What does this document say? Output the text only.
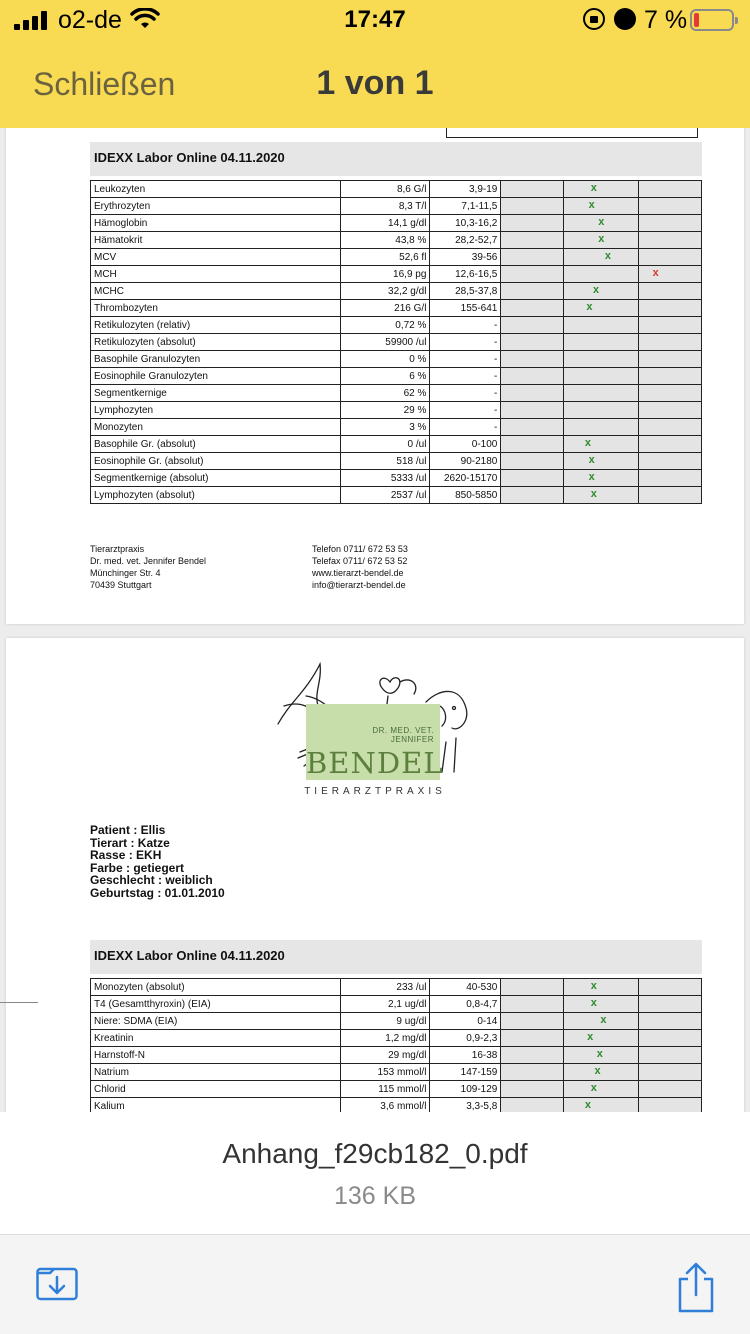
o2-de	17:47	7 %
Schließen	1 von 1
IDEXX Labor Online 04.11.2020
Leukozyten	8,6 G/l	3,9-19		x	

Erythrozyten	8,3 T/l	7,1-11,5		x	

Hämoglobin	14,1 g/dl	10,3-16,2		x	

Hämatokrit	43,8 %	28,2-52,7		x	

MCV	52,6 fl	39-56		x	

MCH	16,9 pg	12,6-16,5			x

MCHC	32,2 g/dl	28,5-37,8		x	

Thrombozyten	216 G/l	155-641		x	

Retikulozyten (relativ)	0,72 %	-			
Retikulozyten (absolut)	59900 /ul	-			
Basophile Granulozyten	0 %	-			
Eosinophile Granulozyten	6 %	-			
Segmentkernige	62 %	-			
Lymphozyten	29 %	-			
Monozyten	3 %	-			
Basophile Gr. (absolut)	0 /ul	0-100		x	

Eosinophile Gr. (absolut)	518 /ul	90-2180		x	

Segmentkernige (absolut)	5333 /ul	2620-15170		x	

Lymphozyten (absolut)	2537 /ul	850-5850		x	

Tierarztpraxis
Dr. med. vet. Jennifer Bendel
Münchinger Str. 4
70439 Stuttgart
Telefon 0711/ 672 53 53
Telefax 0711/ 672 53 52
www.tierarzt-bendel.de
info@tierarzt-bendel.de
DR. MED. VET.
JENNIFER
BENDEL
TIERARZTPRAXIS
Patient : Ellis
Tierart : Katze
Rasse : EKH
Farbe : getiegert
Geschlecht : weiblich
Geburtstag : 01.01.2010
IDEXX Labor Online 04.11.2020
Monozyten (absolut)	233 /ul	40-530		x	

T4 (Gesamtthyroxin) (EIA)	2,1 ug/dl	0,8-4,7		x	

Niere: SDMA (EIA)	9 ug/dl	0-14		x	

Kreatinin	1,2 mg/dl	0,9-2,3		x	

Harnstoff-N	29 mg/dl	16-38		x	

Natrium	153 mmol/l	147-159		x	

Chlorid	115 mmol/l	109-129		x	

Kalium	3,6 mmol/l	3,3-5,8		x	

Anhang_f29cb182_0.pdf
136 KB
